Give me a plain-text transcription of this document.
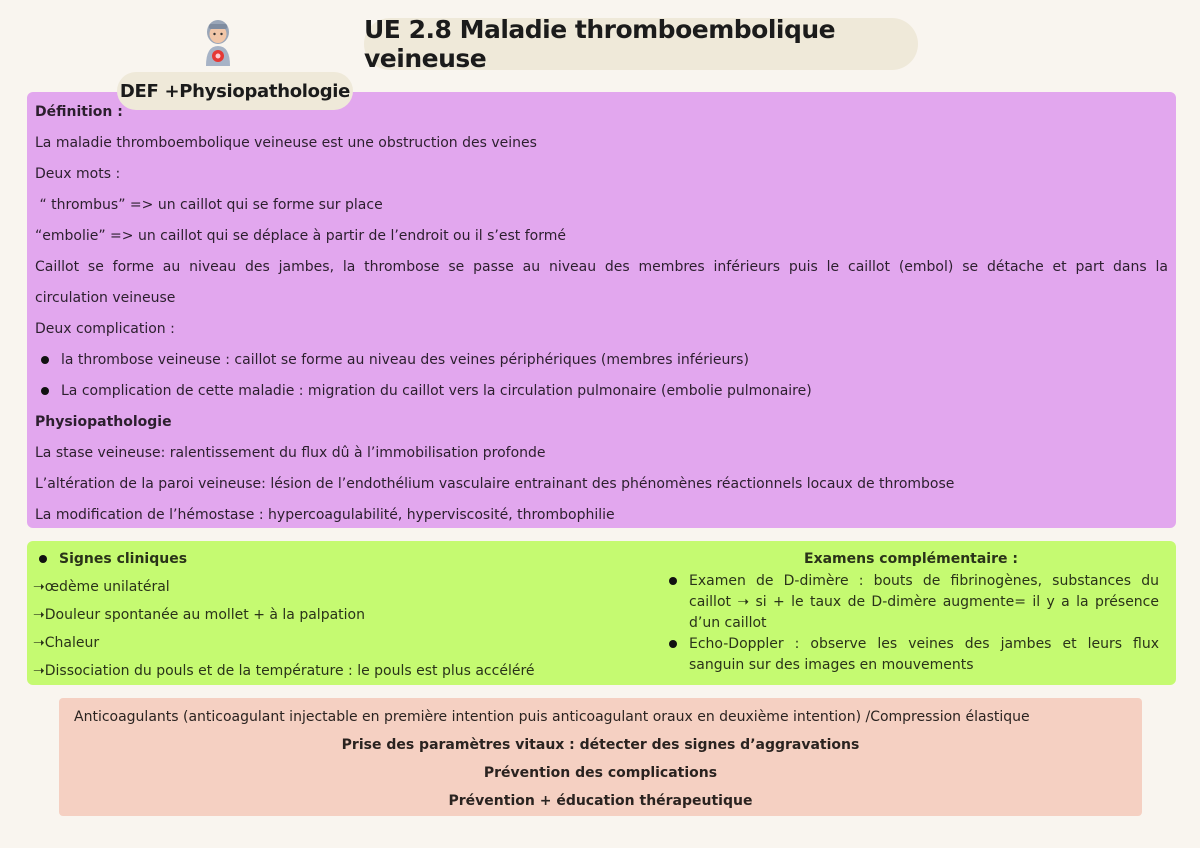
UE 2.8 Maladie thromboembolique veineuse
DEF +Physiopathologie
Définition :
La maladie thromboembolique veineuse est une obstruction des veines
Deux mots :
“ thrombus” => un caillot qui se forme sur place
“embolie” => un caillot qui se déplace à partir de l’endroit ou il s’est formé
Caillot se forme au niveau des jambes, la thrombose se passe au niveau des membres inférieurs puis le caillot (embol) se détache et part dans la
circulation veineuse
Deux complication :
la thrombose veineuse : caillot se forme au niveau des veines périphériques (membres inférieurs)
La complication de cette maladie : migration du caillot vers la circulation pulmonaire (embolie pulmonaire)
Physiopathologie
La stase veineuse: ralentissement du flux dû à l’immobilisation profonde
L’altération de la paroi veineuse: lésion de l’endothélium vasculaire entrainant des phénomènes réactionnels locaux de thrombose
La modification de l’hémostase : hypercoagulabilité, hyperviscosité, thrombophilie
Signes cliniques
➝œdème unilatéral
➝Douleur spontanée au mollet + à la palpation
➝Chaleur
➝Dissociation du pouls et de la température : le pouls est plus accéléré
Examens complémentaire :
Examen de D-dimère : bouts de fibrinogènes, substances du caillot ➝ si + le taux de D-dimère augmente= il y a la présence d’un caillot
Echo-Doppler : observe les veines des jambes et leurs flux sanguin sur des images en mouvements
Anticoagulants (anticoagulant injectable en première intention puis anticoagulant oraux en deuxième intention) /Compression élastique
Prise des paramètres vitaux : détecter des signes d’aggravations
Prévention des complications
Prévention + éducation thérapeutique
